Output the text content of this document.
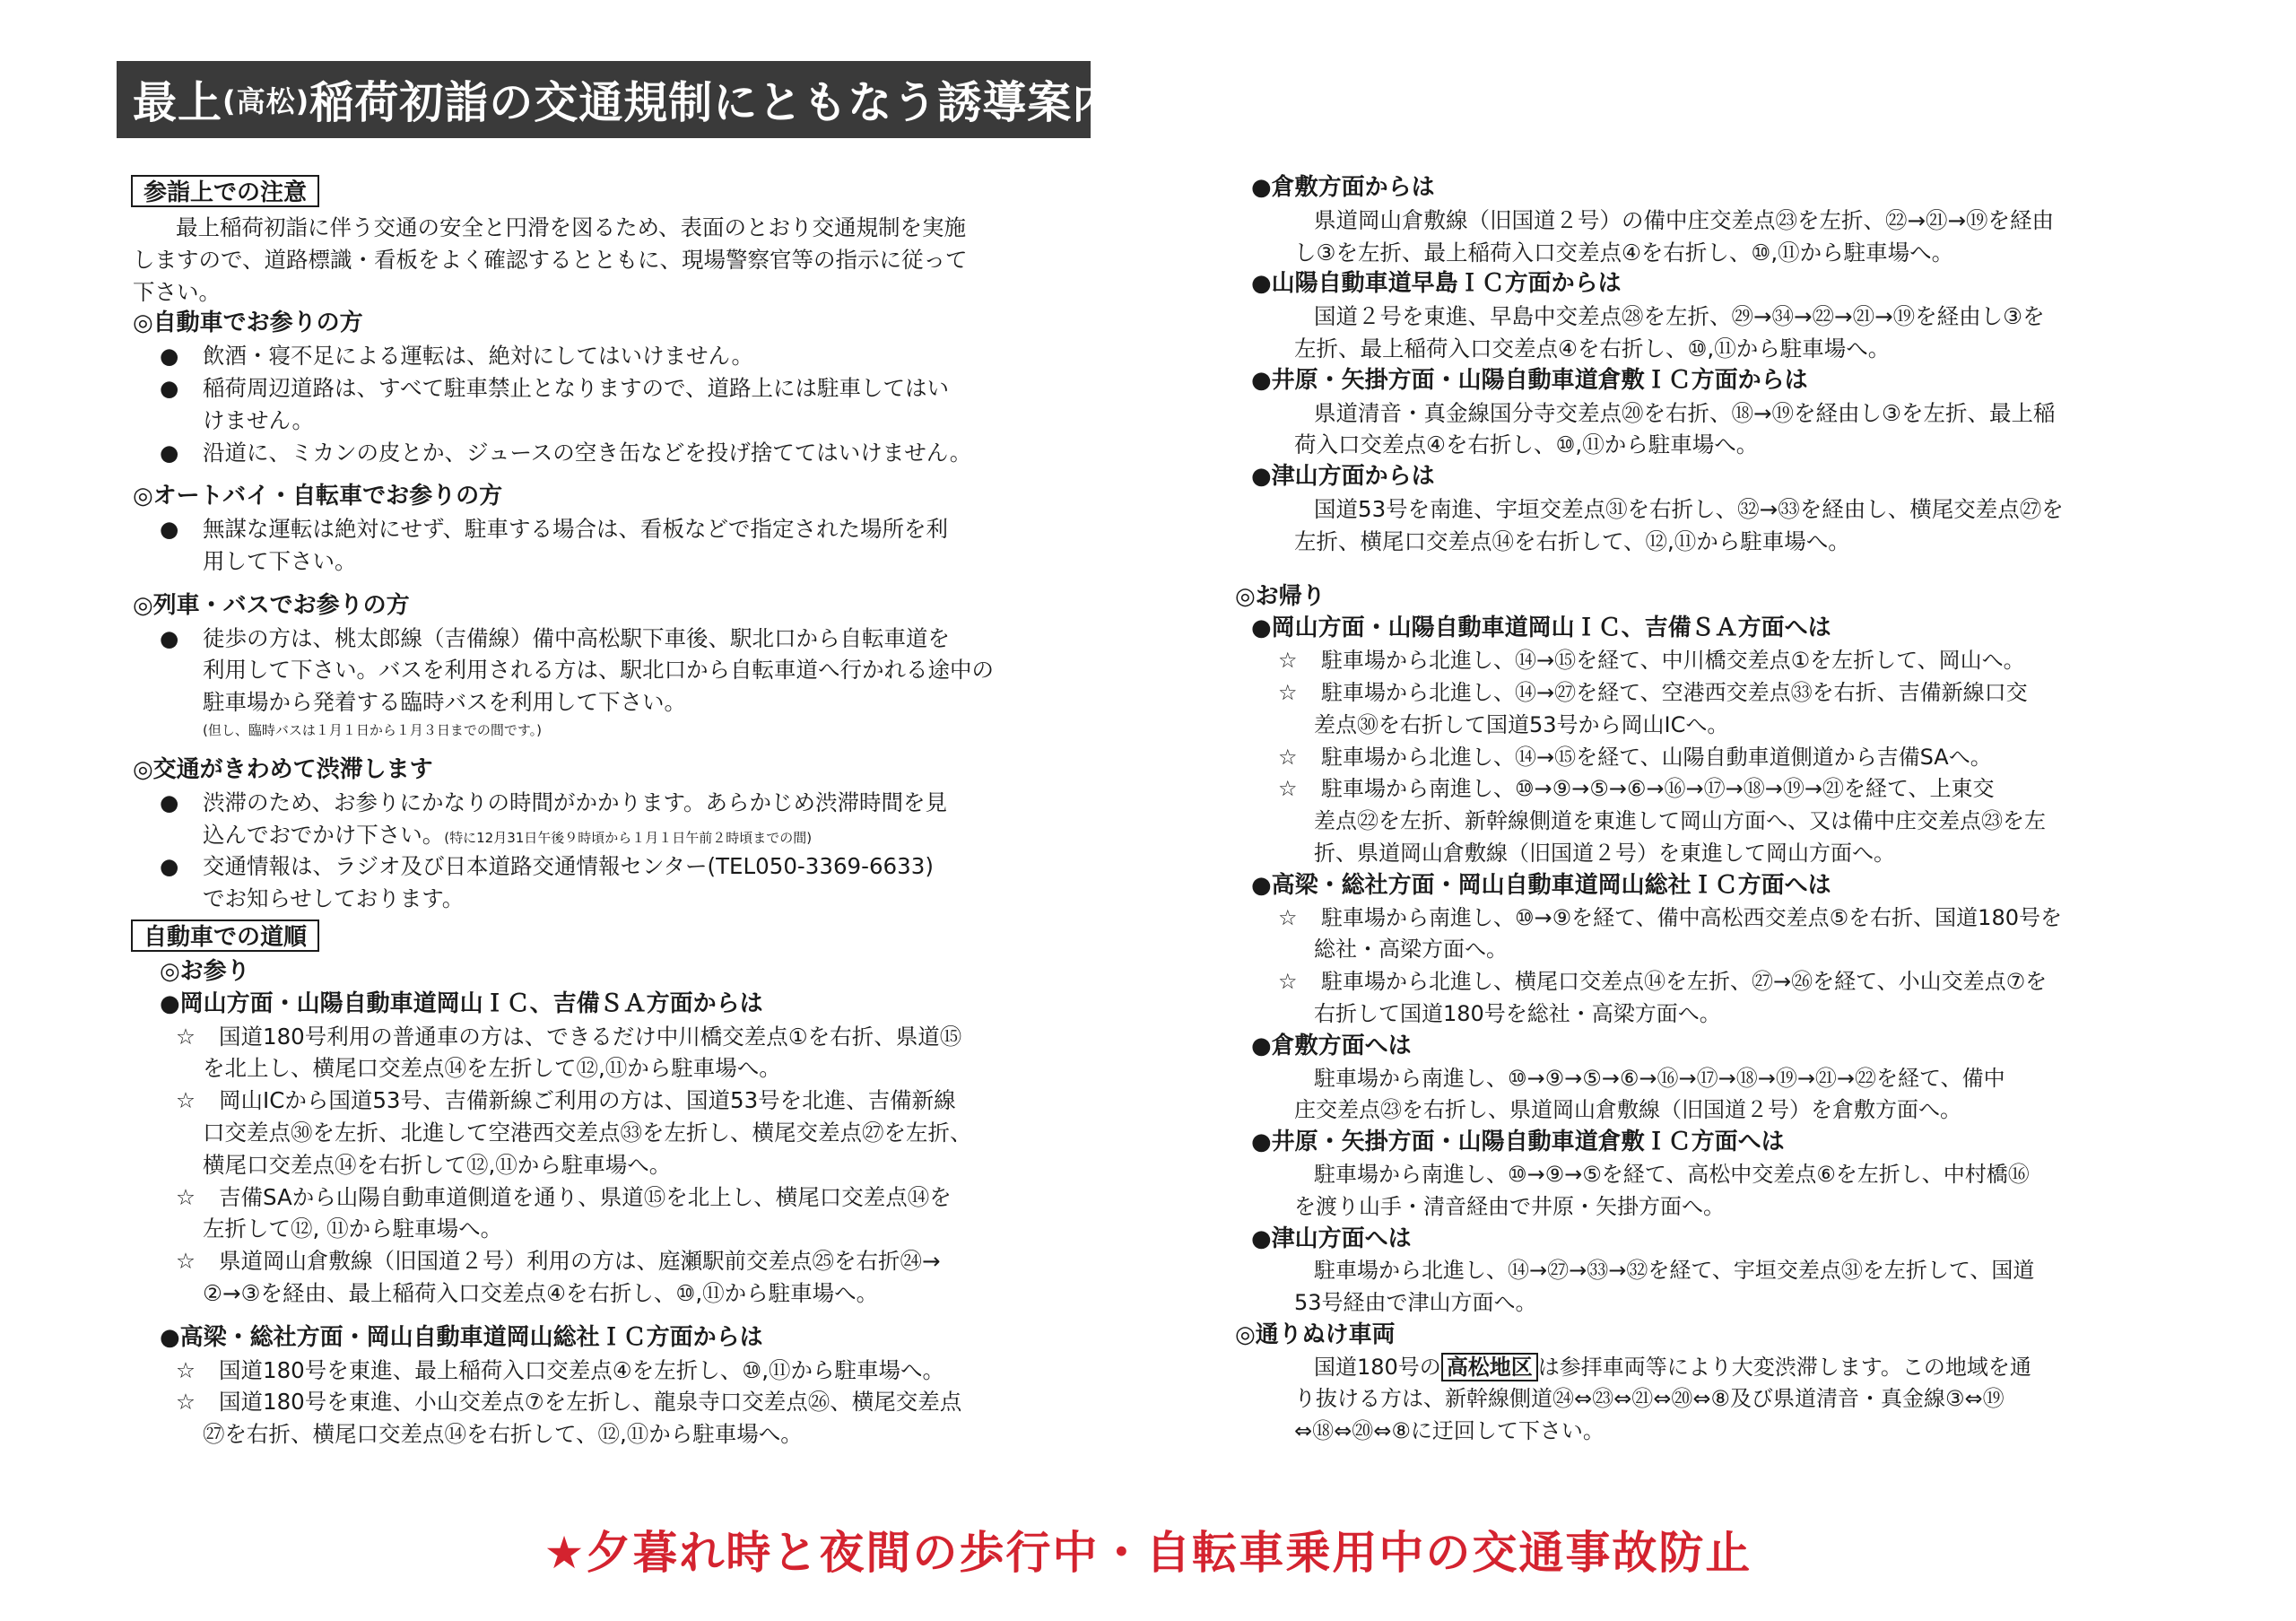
最上 (高松) 稲荷初詣の交通規制にともなう誘導案内
参詣上での注意
最上稲荷初詣に伴う交通の安全と円滑を図るため、表面のとおり交通規制を実施
しますので、道路標識・看板をよく確認するとともに、現場警察官等の指示に従って
下さい。
◎自動車でお参りの方
● 飲酒・寝不足による運転は、絶対にしてはいけません。
● 稲荷周辺道路は、すべて駐車禁止となりますので、道路上には駐車してはい
けません。
● 沿道に、ミカンの皮とか、ジュースの空き缶などを投げ捨ててはいけません。
◎オートバイ・自転車でお参りの方
● 無謀な運転は絶対にせず、駐車する場合は、看板などで指定された場所を利
用して下さい。
◎列車・バスでお参りの方
● 徒歩の方は、桃太郎線（吉備線）備中高松駅下車後、駅北口から自転車道を
利用して下さい。バスを利用される方は、駅北口から自転車道へ行かれる途中の
駐車場から発着する臨時バスを利用して下さい。
(但し、臨時バスは１月１日から１月３日までの間です。)
◎交通がきわめて渋滞します
● 渋滞のため、お参りにかなりの時間がかかります。あらかじめ渋滞時間を見
込んでおでかけ下さい。(特に12月31日午後９時頃から１月１日午前２時頃までの間)
● 交通情報は、ラジオ及び日本道路交通情報センター(TEL050-3369-6633)
でお知らせしております。
自動車での道順
◎お参り
●岡山方面・山陽自動車道岡山ＩＣ、吉備ＳＡ方面からは
☆ 国道180号利用の普通車の方は、できるだけ中川橋交差点①を右折、県道⑮
を北上し、横尾口交差点⑭を左折して⑫,⑪から駐車場へ。
☆ 岡山ICから国道53号、吉備新線ご利用の方は、国道53号を北進、吉備新線
口交差点㉚を左折、北進して空港西交差点㉝を左折し、横尾交差点㉗を左折、
横尾口交差点⑭を右折して⑫,⑪から駐車場へ。
☆ 吉備SAから山陽自動車道側道を通り、県道⑮を北上し、横尾口交差点⑭を
左折して⑫, ⑪から駐車場へ。
☆ 県道岡山倉敷線（旧国道２号）利用の方は、庭瀬駅前交差点㉕を右折㉔→
②→③を経由、最上稲荷入口交差点④を右折し、⑩,⑪から駐車場へ。
●高梁・総社方面・岡山自動車道岡山総社ＩＣ方面からは
☆ 国道180号を東進、最上稲荷入口交差点④を左折し、⑩,⑪から駐車場へ。
☆ 国道180号を東進、小山交差点⑦を左折し、龍泉寺口交差点㉖、横尾交差点
㉗を右折、横尾口交差点⑭を右折して、⑫,⑪から駐車場へ。
●倉敷方面からは
県道岡山倉敷線（旧国道２号）の備中庄交差点㉓を左折、㉒→㉑→⑲を経由
し③を左折、最上稲荷入口交差点④を右折し、⑩,⑪から駐車場へ。
●山陽自動車道早島ＩＣ方面からは
国道２号を東進、早島中交差点㉘を左折、㉙→㉞→㉒→㉑→⑲を経由し③を
左折、最上稲荷入口交差点④を右折し、⑩,⑪から駐車場へ。
●井原・矢掛方面・山陽自動車道倉敷ＩＣ方面からは
県道清音・真金線国分寺交差点⑳を右折、⑱→⑲を経由し③を左折、最上稲
荷入口交差点④を右折し、⑩,⑪から駐車場へ。
●津山方面からは
国道53号を南進、宇垣交差点㉛を右折し、㉜→㉝を経由し、横尾交差点㉗を
左折、横尾口交差点⑭を右折して、⑫,⑪から駐車場へ。
◎お帰り
●岡山方面・山陽自動車道岡山ＩＣ、吉備ＳＡ方面へは
☆ 駐車場から北進し、⑭→⑮を経て、中川橋交差点①を左折して、岡山へ。
☆ 駐車場から北進し、⑭→㉗を経て、空港西交差点㉝を右折、吉備新線口交
差点㉚を右折して国道53号から岡山ICへ。
☆ 駐車場から北進し、⑭→⑮を経て、山陽自動車道側道から吉備SAへ。
☆ 駐車場から南進し、⑩→⑨→⑤→⑥→⑯→⑰→⑱→⑲→㉑を経て、上東交
差点㉒を左折、新幹線側道を東進して岡山方面へ、又は備中庄交差点㉓を左
折、県道岡山倉敷線（旧国道２号）を東進して岡山方面へ。
●高梁・総社方面・岡山自動車道岡山総社ＩＣ方面へは
☆ 駐車場から南進し、⑩→⑨を経て、備中高松西交差点⑤を右折、国道180号を
総社・高梁方面へ。
☆ 駐車場から北進し、横尾口交差点⑭を左折、㉗→㉖を経て、小山交差点⑦を
右折して国道180号を総社・高梁方面へ。
●倉敷方面へは
駐車場から南進し、⑩→⑨→⑤→⑥→⑯→⑰→⑱→⑲→㉑→㉒を経て、備中
庄交差点㉓を右折し、県道岡山倉敷線（旧国道２号）を倉敷方面へ。
●井原・矢掛方面・山陽自動車道倉敷ＩＣ方面へは
駐車場から南進し、⑩→⑨→⑤を経て、高松中交差点⑥を左折し、中村橋⑯
を渡り山手・清音経由で井原・矢掛方面へ。
●津山方面へは
駐車場から北進し、⑭→㉗→㉝→㉜を経て、宇垣交差点㉛を左折して、国道
53号経由で津山方面へ。
◎通りぬけ車両
国道180号の 高松地区 は参拝車両等により大変渋滞します。この地域を通
り抜ける方は、新幹線側道㉔⇔㉓⇔㉑⇔⑳⇔⑧及び県道清音・真金線③⇔⑲
⇔⑱⇔⑳⇔⑧に迂回して下さい。
★夕暮れ時と夜間の歩行中・自転車乗用中の交通事故防止
